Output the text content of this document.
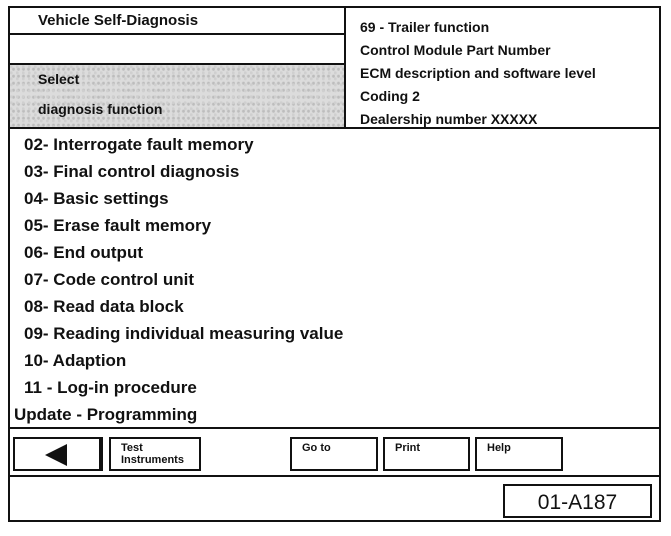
Vehicle Self-Diagnosis
Select
diagnosis function
69 - Trailer function
Control Module Part Number
ECM description and software level
Coding 2
Dealership number XXXXX
02- Interrogate fault memory
03- Final control diagnosis
04- Basic settings
05- Erase fault memory
06- End output
07- Code control unit
08- Read data block
09- Reading individual measuring value
10- Adaption
11 - Log-in procedure
Update - Programming
Test
Instruments
Go to	Print	Help
01-A187
